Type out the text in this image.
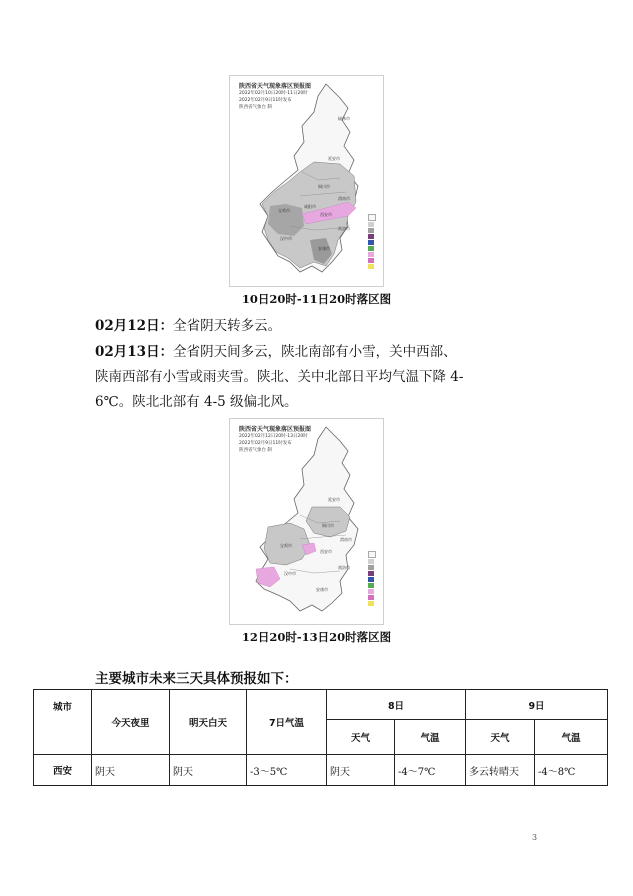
陕西省天气现象落区预报图
2022年02月10日20时-11日20时
2022年02月9日11时发布
陕西省气象台 制
榆林市
延安市
铜川市
渭南市
宝鸡市
咸阳市
西安市
汉中市
商洛市
安康市
10日20时-11日20时落区图
02月12日：全省阴天转多云。
02月13日：全省阴天间多云，陕北南部有小雪，关中西部、
陕南西部有小雪或雨夹雪。陕北、关中北部日平均气温下降 4-
6℃。陕北北部有 4-5 级偏北风。
陕西省天气现象落区预报图
2022年02月12日20时-13日20时
2022年02月9日11时发布
陕西省气象台 制
延安市
铜川市
渭南市
宝鸡市
西安市
汉中市
商洛市
安康市
12日20时-13日20时落区图
主要城市未来三天具体预报如下：
城市	今天夜里	明天白天	7日气温	8日		9日	
				天气	气温	天气	气温
西安	阴天	阴天	-3～5℃	阴天	-4～7℃	多云转晴天	-4～8℃
3
